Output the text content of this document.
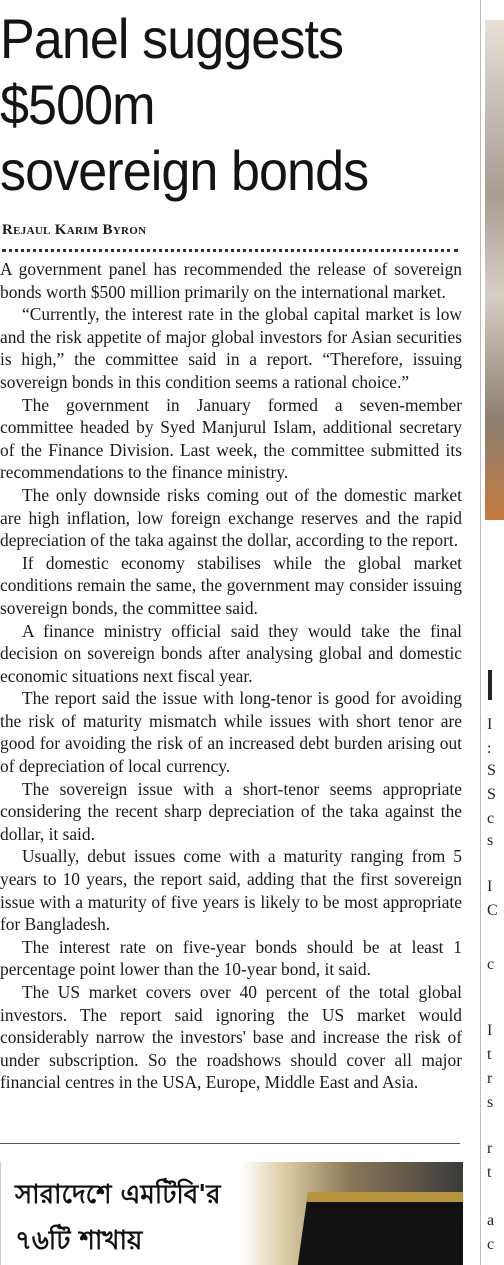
Panel suggests $500m
sovereign bonds
Rejaul Karim Byron

A government panel has recommended the release of sovereign bonds worth $500 million primarily on the international market.

“Currently, the interest rate in the global capital market is low and the risk appetite of major global investors for Asian securities is high,” the committee said in a report. “Therefore, issuing sovereign bonds in this condition seems a rational choice.”

The government in January formed a seven-member committee headed by Syed Manjurul Islam, additional secretary of the Finance Division. Last week, the committee submitted its recommendations to the finance ministry.

The only downside risks coming out of the domestic market are high inflation, low foreign exchange reserves and the rapid depreciation of the taka against the dollar, according to the report.

If domestic economy stabilises while the global market conditions remain the same, the government may consider issuing sovereign bonds, the committee said.

A finance ministry official said they would take the final decision on sovereign bonds after analysing global and domestic economic situations next fiscal year.

The report said the issue with long-tenor is good for avoiding the risk of maturity mismatch while issues with short tenor are good for avoiding the risk of an increased debt burden arising out of depreciation of local currency.

The sovereign issue with a short-tenor seems appropriate considering the recent sharp depreciation of the taka against the dollar, it said.

Usually, debut issues come with a maturity ranging from 5 years to 10 years, the report said, adding that the first sovereign issue with a maturity of five years is likely to be most appropriate for Bangladesh.

The interest rate on five-year bonds should be at least 1 percentage point lower than the 10-year bond, it said.

The US market covers over 40 percent of the total global investors. The report said ignoring the US market would considerably narrow the investors' base and increase the risk of under subscription. So the roadshows should cover all major financial centres in the USA, Europe, Middle East and Asia.

সারাদেশে এমটিবি'র
৭৬টি শাখায়
I
:
S
S
c
s
I
C
c
I
t
r
s
r
t
a
c
